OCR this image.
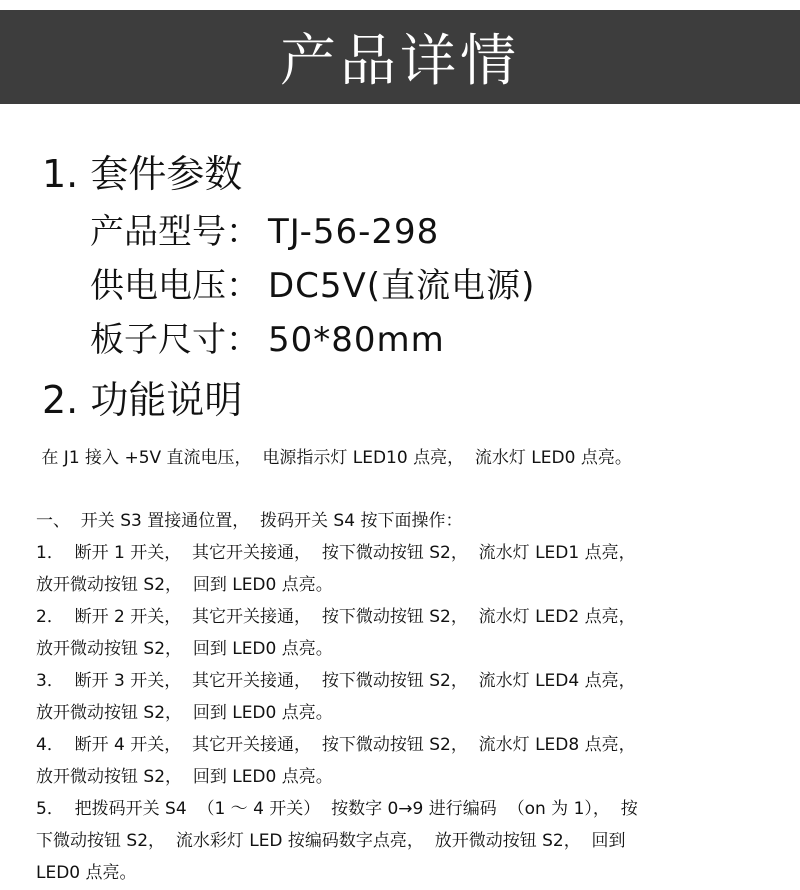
产品详情
1. 套件参数
产品型号： TJ-56-298
供电电压： DC5V(直流电源)
板子尺寸： 50*80mm
2. 功能说明
在 J1 接入 +5V 直流电压，  电源指示灯 LED10 点亮，  流水灯 LED0 点亮。
一、  开关 S3 置接通位置，  拨码开关 S4 按下面操作：
1．  断开 1 开关，  其它开关接通，  按下微动按钮 S2，  流水灯 LED1 点亮，
放开微动按钮 S2，  回到 LED0 点亮。
2．  断开 2 开关，  其它开关接通，  按下微动按钮 S2，  流水灯 LED2 点亮，
放开微动按钮 S2，  回到 LED0 点亮。
3．  断开 3 开关，  其它开关接通，  按下微动按钮 S2，  流水灯 LED4 点亮，
放开微动按钮 S2，  回到 LED0 点亮。
4．  断开 4 开关，  其它开关接通，  按下微动按钮 S2，  流水灯 LED8 点亮，
放开微动按钮 S2，  回到 LED0 点亮。
5．  把拨码开关 S4  （1 ～ 4 开关）  按数字 0→9 进行编码  （on 为 1），  按
下微动按钮 S2，  流水彩灯 LED 按编码数字点亮，  放开微动按钮 S2，  回到
LED0 点亮。
